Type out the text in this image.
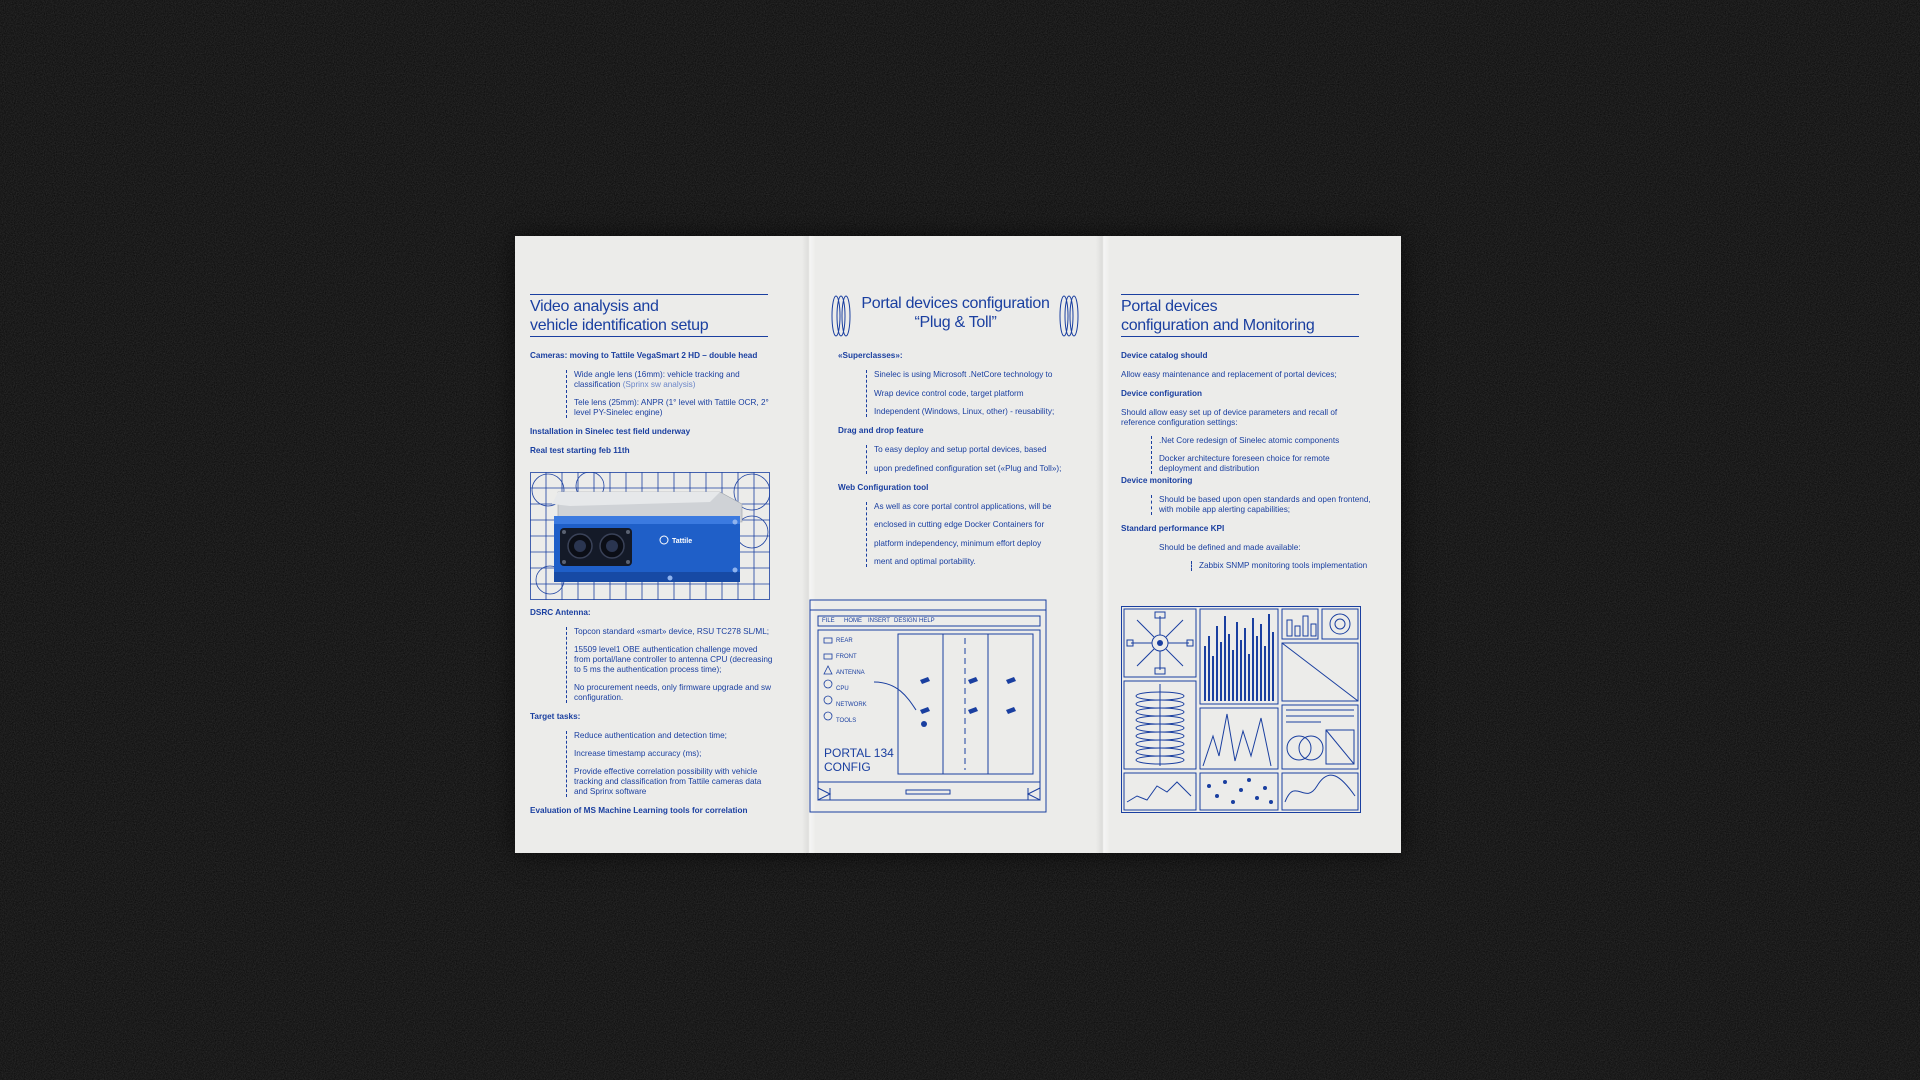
Video analysis and
vehicle identification setup
Cameras: moving to Tattile VegaSmart 2 HD – double head

Wide angle lens (16mm): vehicle tracking and classification (Sprinx sw analysis)

Tele lens (25mm): ANPR (1° level with Tattile OCR, 2° level PY-Sinelec engine)

Installation in Sinelec test field underway
Real test starting feb 11th
Tattile
DSRC Antenna:

Topcon standard «smart» device, RSU TC278 SL/ML;

15509 level1 OBE authentication challenge moved from portal/lane controller to antenna CPU (decreasing to 5 ms the authentication process time);

No procurement needs, only firmware upgrade and sw configuration.

Target tasks:

Reduce authentication and detection time;

Increase timestamp accuracy (ms);

Provide effective correlation possibility with vehicle tracking and classification from Tattile cameras data and Sprinx software

Evaluation of MS Machine Learning tools for correlation
Portal devices configuration
“Plug & Toll”
«Superclasses»:

Sinelec is using Microsoft .NetCore technology to

Wrap device control code, target platform

Independent (Windows, Linux, other) - reusability;

Drag and drop feature

To easy deploy and setup portal devices, based

upon predefined configuration set («Plug and Toll»);

Web Configuration tool

As well as core portal control applications, will be

enclosed in cutting edge Docker Containers for

platform independency, minimum effort deploy

ment and optimal portability.

FILE HOME INSERT DESIGN HELP
REAR
FRONT
ANTENNA
CPU
NETWORK
TOOLS
PORTAL 134
CONFIG
Portal devices
configuration and Monitoring
Device catalog should

Allow easy maintenance and replacement of portal devices;

Device configuration

Should allow easy set up of device parameters and recall of reference configuration settings:

.Net Core redesign of Sinelec atomic components

Docker architecture foreseen choice for remote deployment and distribution

Device monitoring

Should be based upon open standards and open frontend, with mobile app alerting capabilities;

Standard performance KPI

Should be defined and made available:

Zabbix SNMP monitoring tools implementation
